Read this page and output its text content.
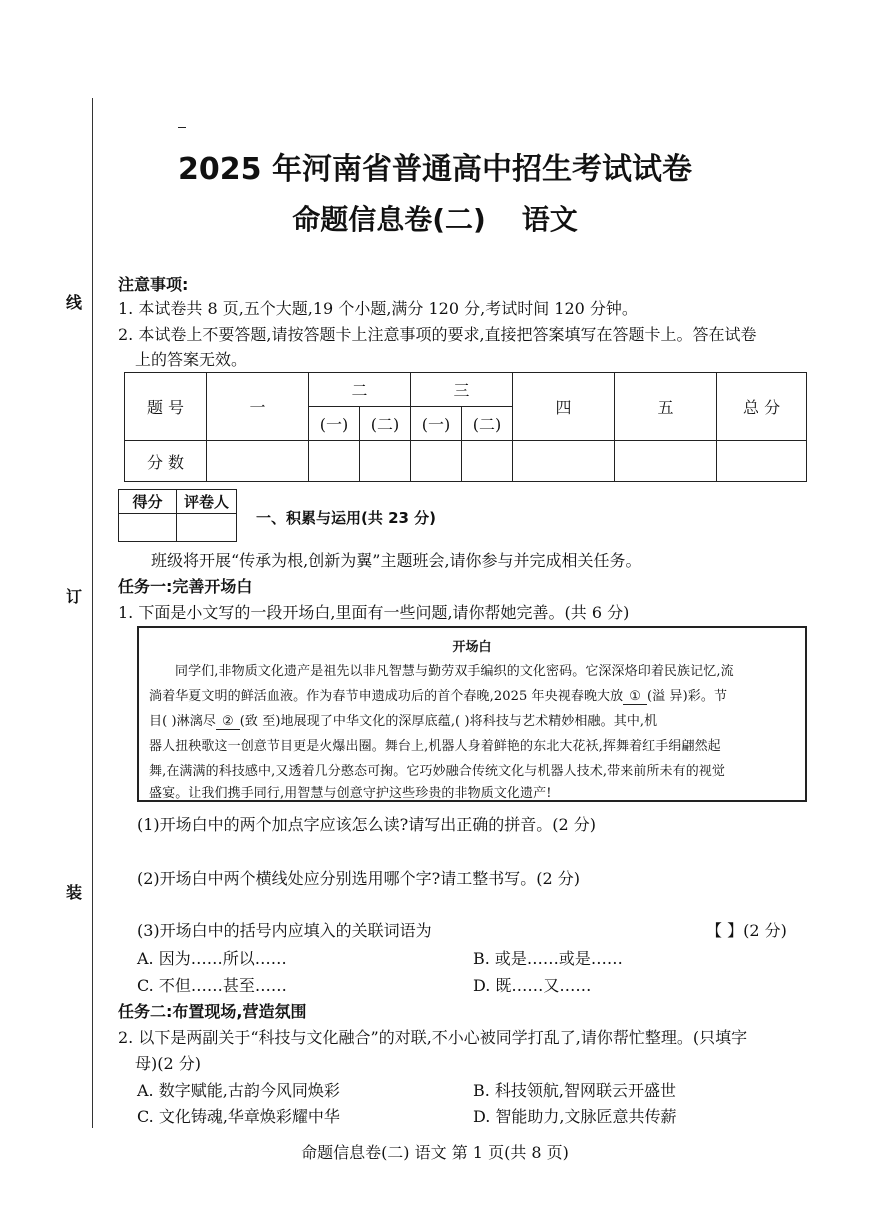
线
订
装
2025 年河南省普通高中招生考试试卷
命题信息卷(二) 语文
注意事项:
1. 本试卷共 8 页,五个大题,19 个小题,满分 120 分,考试时间 120 分钟。
2. 本试卷上不要答题,请按答题卡上注意事项的要求,直接把答案填写在答题卡上。答在试卷
上的答案无效。
题 号	一	二		三		四	五	总 分
		(一)	(二)	(一)	(二)			
分 数								
得分	评卷人

一、积累与运用(共 23 分)
班级将开展“传承为根,创新为翼”主题班会,请你参与并完成相关任务。
任务一:完善开场白
1. 下面是小文写的一段开场白,里面有一些问题,请你帮她完善。(共 6 分)
开场白
同学们,非物质文化遗产是祖先以非凡智慧与勤劳双手编织的文化密码。它深深烙印着民族记忆,流
淌着华夏文明的鲜活血液。作为春节申遗成功后的首个春晚,2025 年央视春晚大放 ① (溢 异)彩。节
目( )淋漓尽 ② (致 至)地展现了中华文化的深厚底蕴,( )将科技与艺术精妙相融。其中,机
器人扭秧歌这一创意节目更是火爆出圈。舞台上,机器人身着鲜艳的东北大花袄,挥舞着红手绢翩然起
舞,在满满的科技感中,又透着几分憨态可掬。它巧妙融合传统文化与机器人技术,带来前所未有的视觉
盛宴。让我们携手同行,用智慧与创意守护这些珍贵的非物质文化遗产!
(1)开场白中的两个加点字应该怎么读?请写出正确的拼音。(2 分)
(2)开场白中两个横线处应分别选用哪个字?请工整书写。(2 分)
(3)开场白中的括号内应填入的关联词语为	【 】(2 分)
A. 因为……所以……	B. 或是……或是……
C. 不但……甚至……	D. 既……又……
任务二:布置现场,营造氛围
2. 以下是两副关于“科技与文化融合”的对联,不小心被同学打乱了,请你帮忙整理。(只填字
母)(2 分)
A. 数字赋能,古韵今风同焕彩	B. 科技领航,智网联云开盛世
C. 文化铸魂,华章焕彩耀中华	D. 智能助力,文脉匠意共传薪
命题信息卷(二) 语文 第 1 页(共 8 页)
